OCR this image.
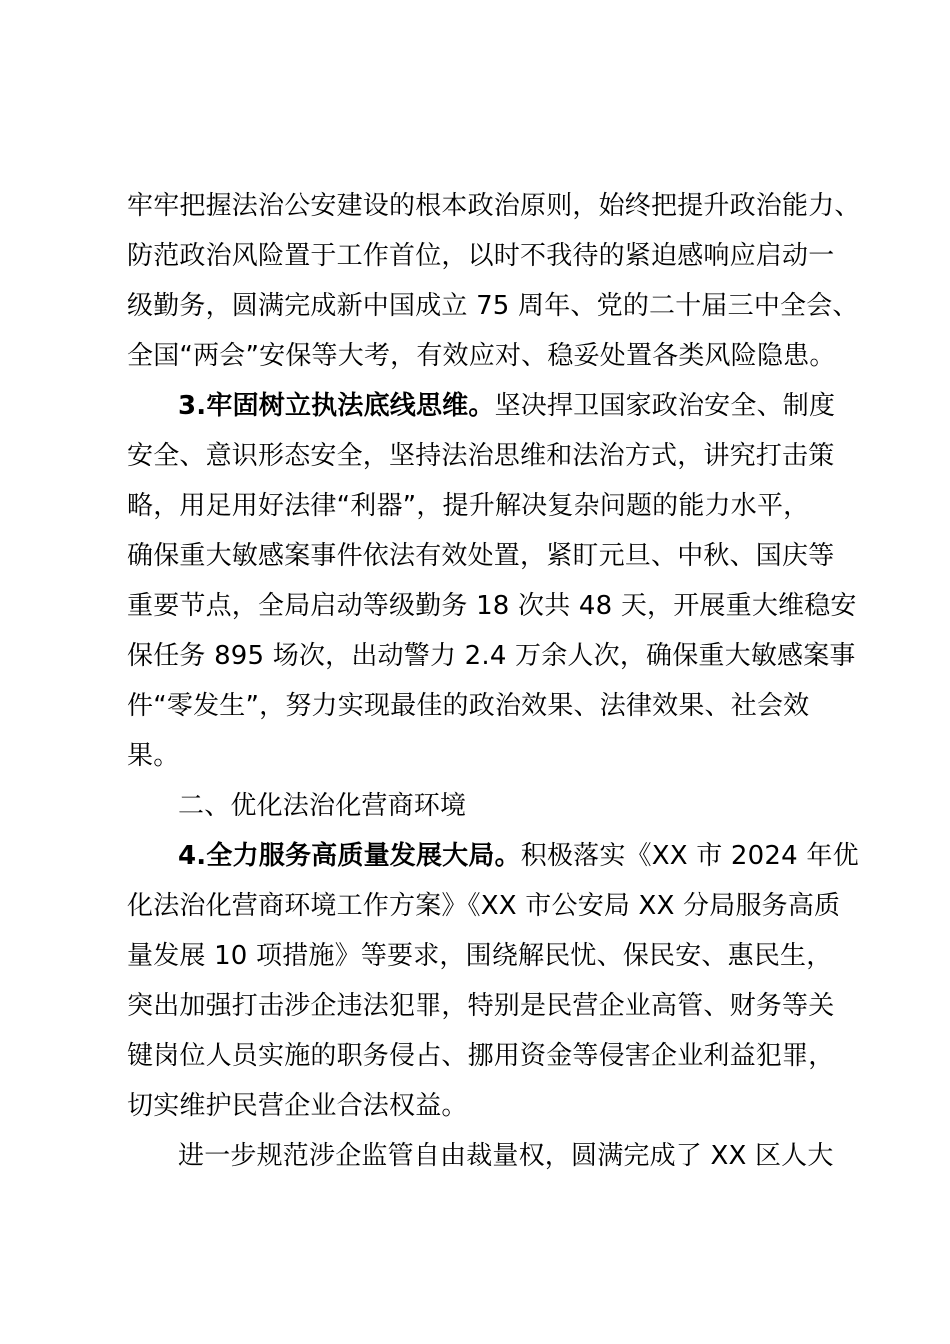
牢牢把握法治公安建设的根本政治原则，始终把提升政治能力、
防范政治风险置于工作首位，以时不我待的紧迫感响应启动一
级勤务，圆满完成新中国成立 75 周年、党的二十届三中全会、
全国“两会”安保等大考，有效应对、稳妥处置各类风险隐患。
3.牢固树立执法底线思维。坚决捍卫国家政治安全、制度
安全、意识形态安全，坚持法治思维和法治方式，讲究打击策
略，用足用好法律“利器”，提升解决复杂问题的能力水平，
确保重大敏感案事件依法有效处置，紧盯元旦、中秋、国庆等
重要节点，全局启动等级勤务 18 次共 48 天，开展重大维稳安
保任务 895 场次，出动警力 2.4 万余人次，确保重大敏感案事
件“零发生”，努力实现最佳的政治效果、法律效果、社会效
果。
二、优化法治化营商环境
4.全力服务高质量发展大局。积极落实《XX 市 2024 年优
化法治化营商环境工作方案》《XX 市公安局 XX 分局服务高质
量发展 10 项措施》等要求，围绕解民忧、保民安、惠民生，
突出加强打击涉企违法犯罪，特别是民营企业高管、财务等关
键岗位人员实施的职务侵占、挪用资金等侵害企业利益犯罪，
切实维护民营企业合法权益。
进一步规范涉企监管自由裁量权，圆满完成了 XX 区人大
